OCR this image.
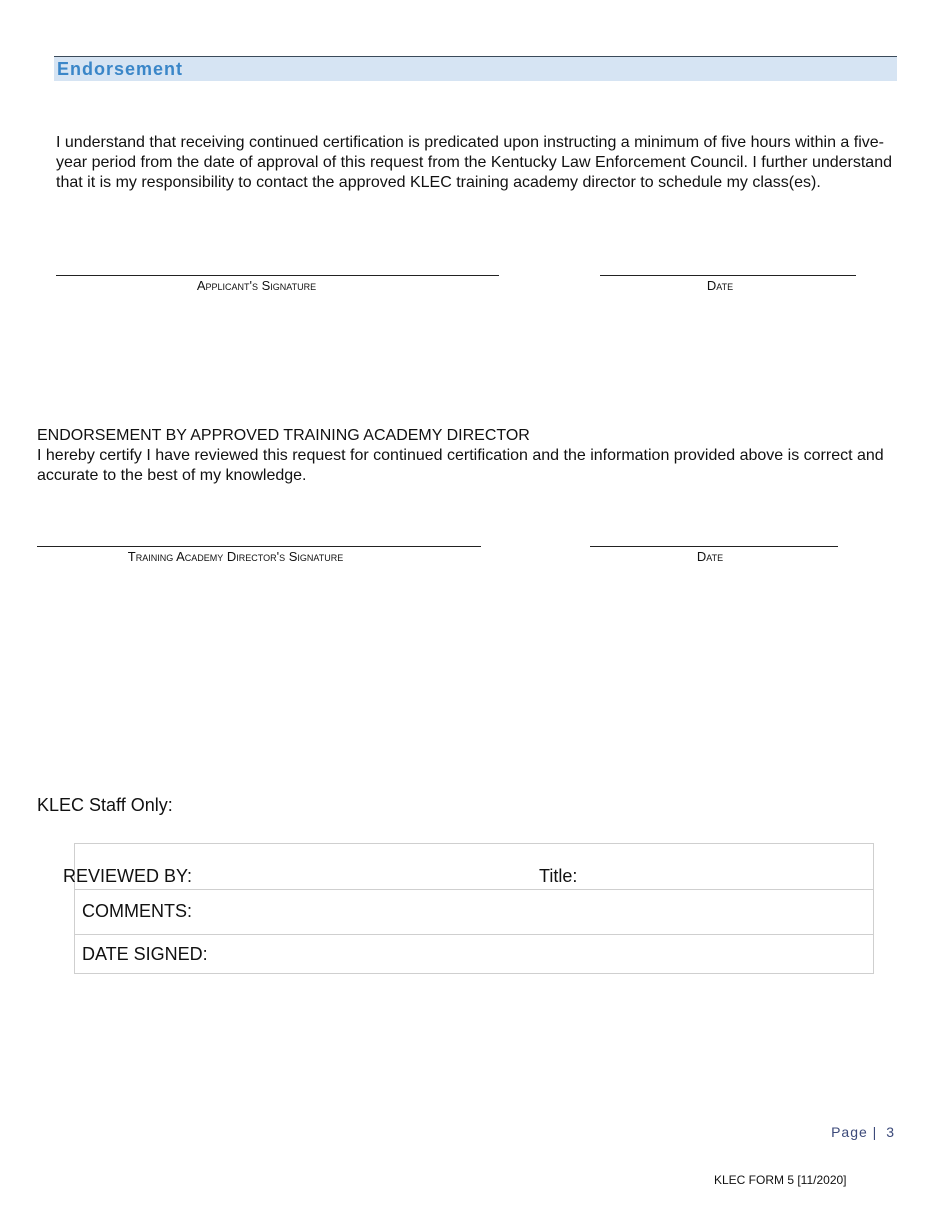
Endorsement
I understand that receiving continued certification is predicated upon instructing a minimum of five hours within a five-year period from the date of approval of this request from the Kentucky Law Enforcement Council. I further understand that it is my responsibility to contact the approved KLEC training academy director to schedule my class(es).
Applicant's Signature	Date
ENDORSEMENT BY APPROVED TRAINING ACADEMY DIRECTOR
I hereby certify I have reviewed this request for continued certification and the information provided above is correct and accurate to the best of my knowledge.
Training Academy Director's Signature	Date
KLEC Staff Only:
REVIEWED BY:	Title:
COMMENTS:
DATE SIGNED:
Page | 3
KLEC FORM 5 [11/2020]
